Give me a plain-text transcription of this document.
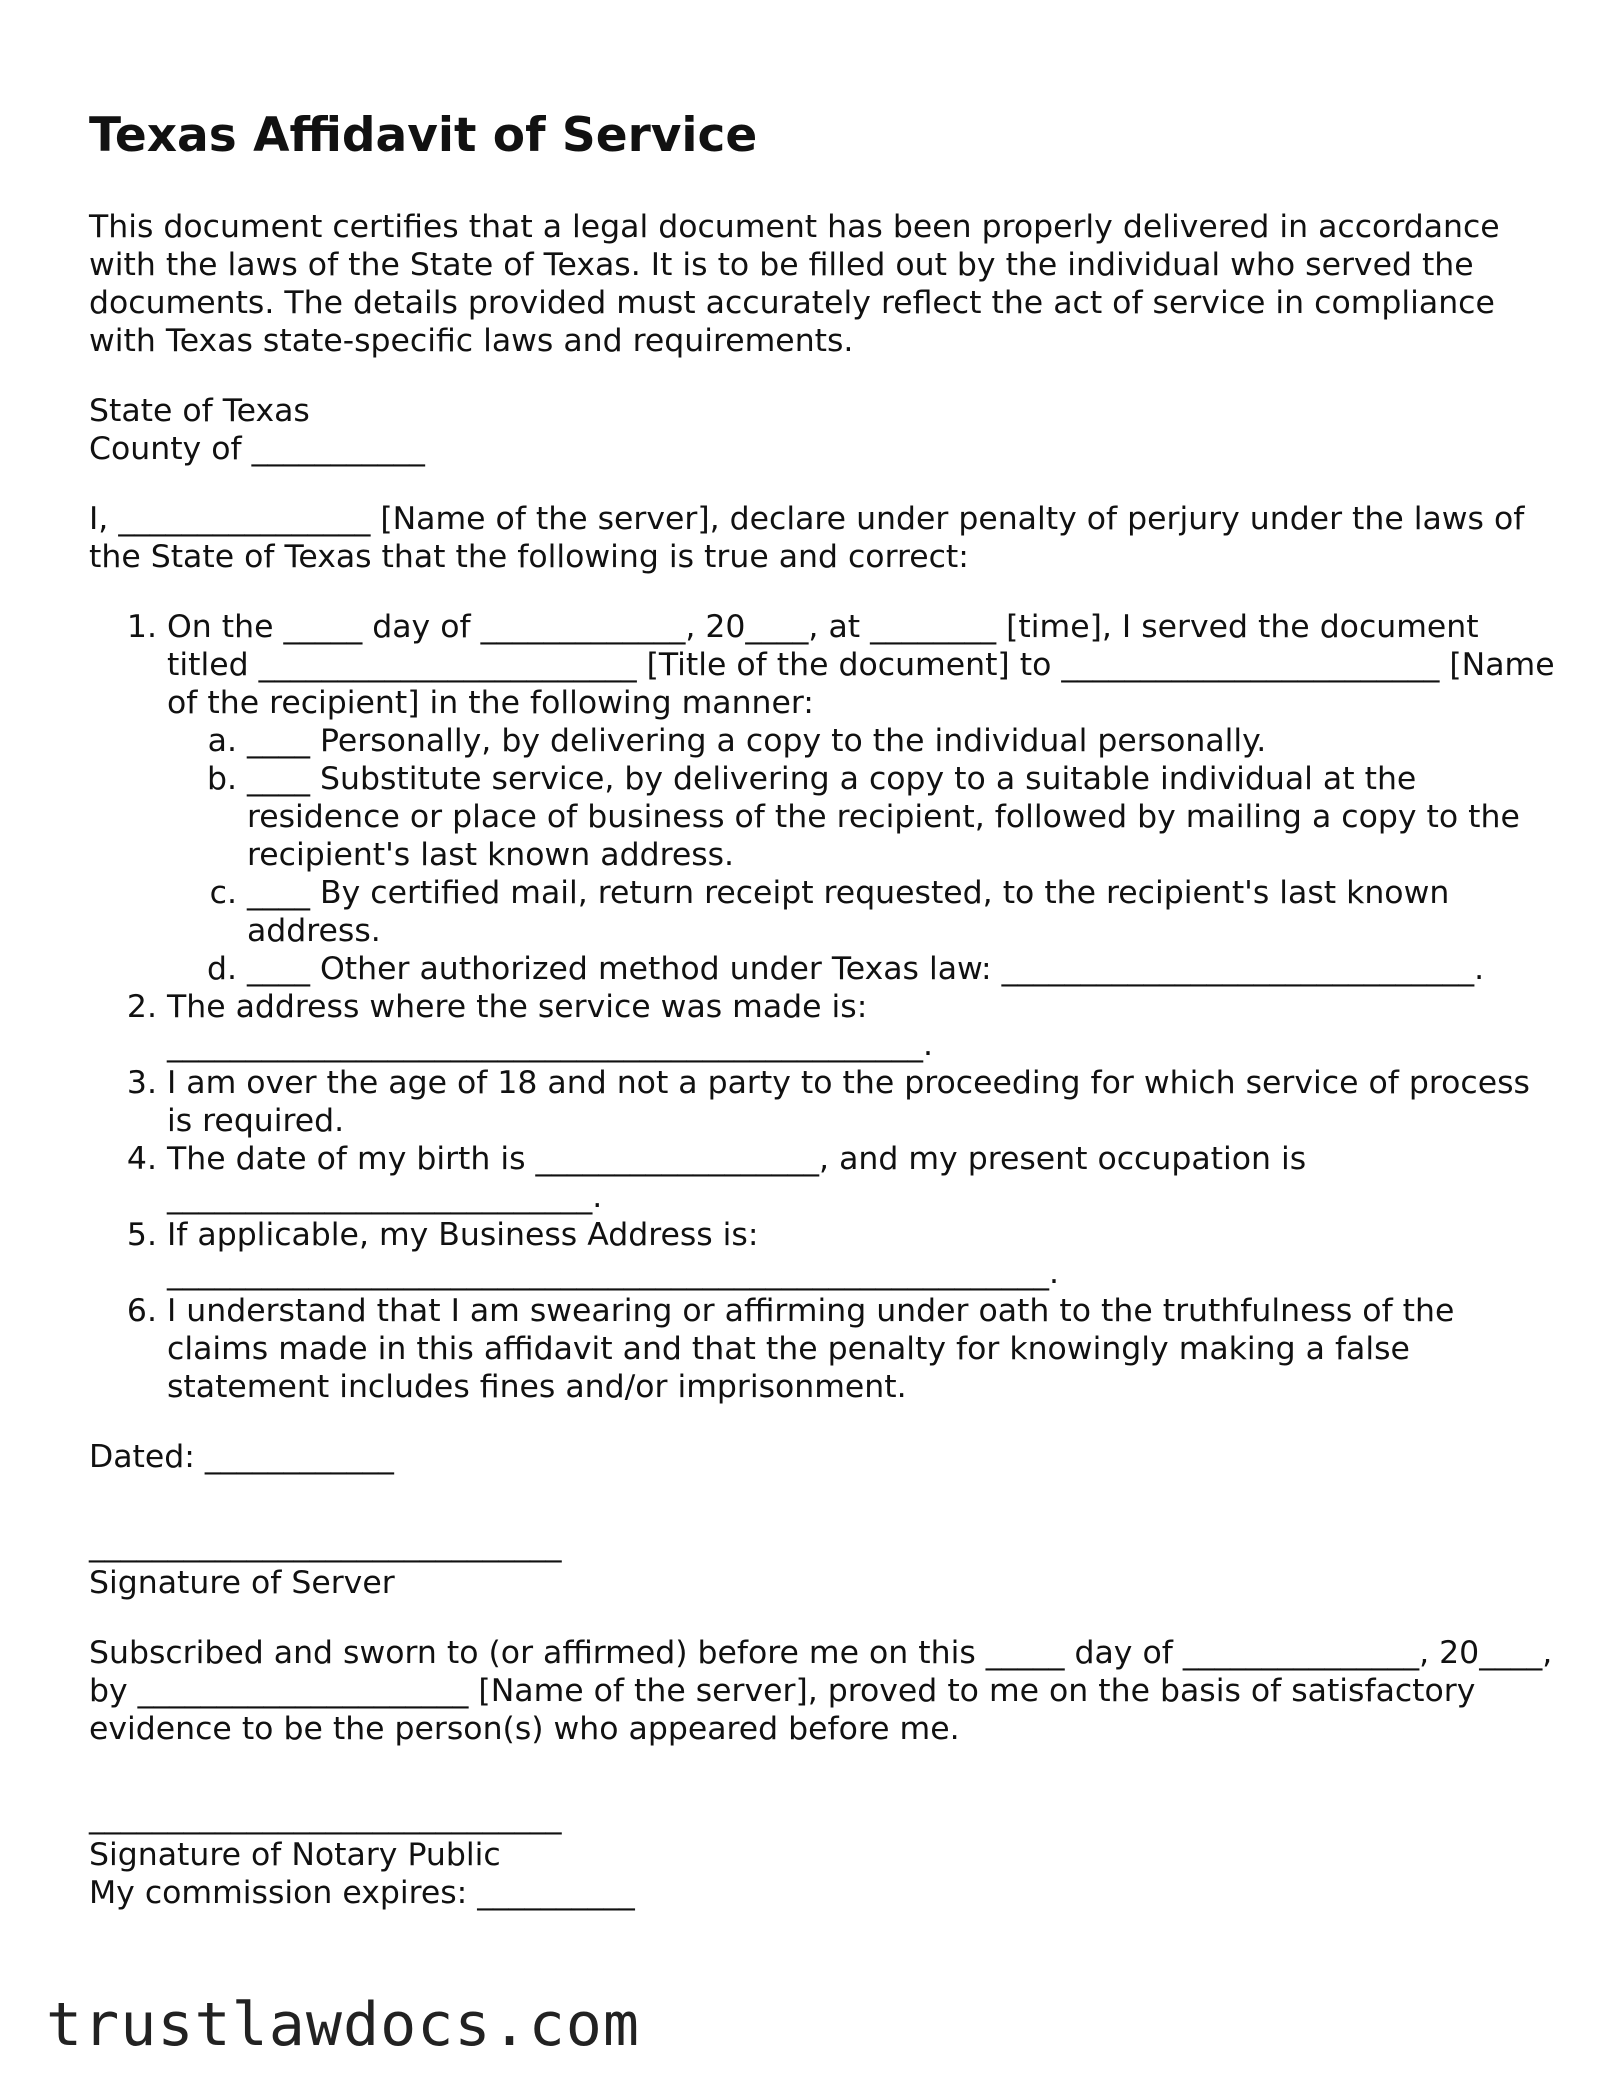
Texas Affidavit of Service

This document certifies that a legal document has been properly delivered in accordance with the laws of the State of Texas. It is to be filled out by the individual who served the documents. The details provided must accurately reflect the act of service in compliance with Texas state-specific laws and requirements.

State of Texas

County of ___________

I, ________________ [Name of the server], declare under penalty of perjury under the laws of the State of Texas that the following is true and correct:

1. On the _____ day of _____________, 20____, at ________ [time], I served the document titled ________________________ [Title of the document] to ________________________ [Name of the recipient] in the following manner:
a. ____ Personally, by delivering a copy to the individual personally.
b. ____ Substitute service, by delivering a copy to a suitable individual at the residence or place of business of the recipient, followed by mailing a copy to the recipient's last known address.
c. ____ By certified mail, return receipt requested, to the recipient's last known address.
d. ____ Other authorized method under Texas law: ______________________________.
2. The address where the service was made is: ________________________________________________.
3. I am over the age of 18 and not a party to the proceeding for which service of process is required.
4. The date of my birth is __________________, and my present occupation is ___________________________.
5. If applicable, my Business Address is: ________________________________________________________.
6. I understand that I am swearing or affirming under oath to the truthfulness of the claims made in this affidavit and that the penalty for knowingly making a false statement includes fines and/or imprisonment.

Dated: ____________

______________________________

Signature of Server

Subscribed and sworn to (or affirmed) before me on this _____ day of _______________, 20____, by _____________________ [Name of the server], proved to me on the basis of satisfactory evidence to be the person(s) who appeared before me.

______________________________

Signature of Notary Public

My commission expires: __________

trustlawdocs.com
